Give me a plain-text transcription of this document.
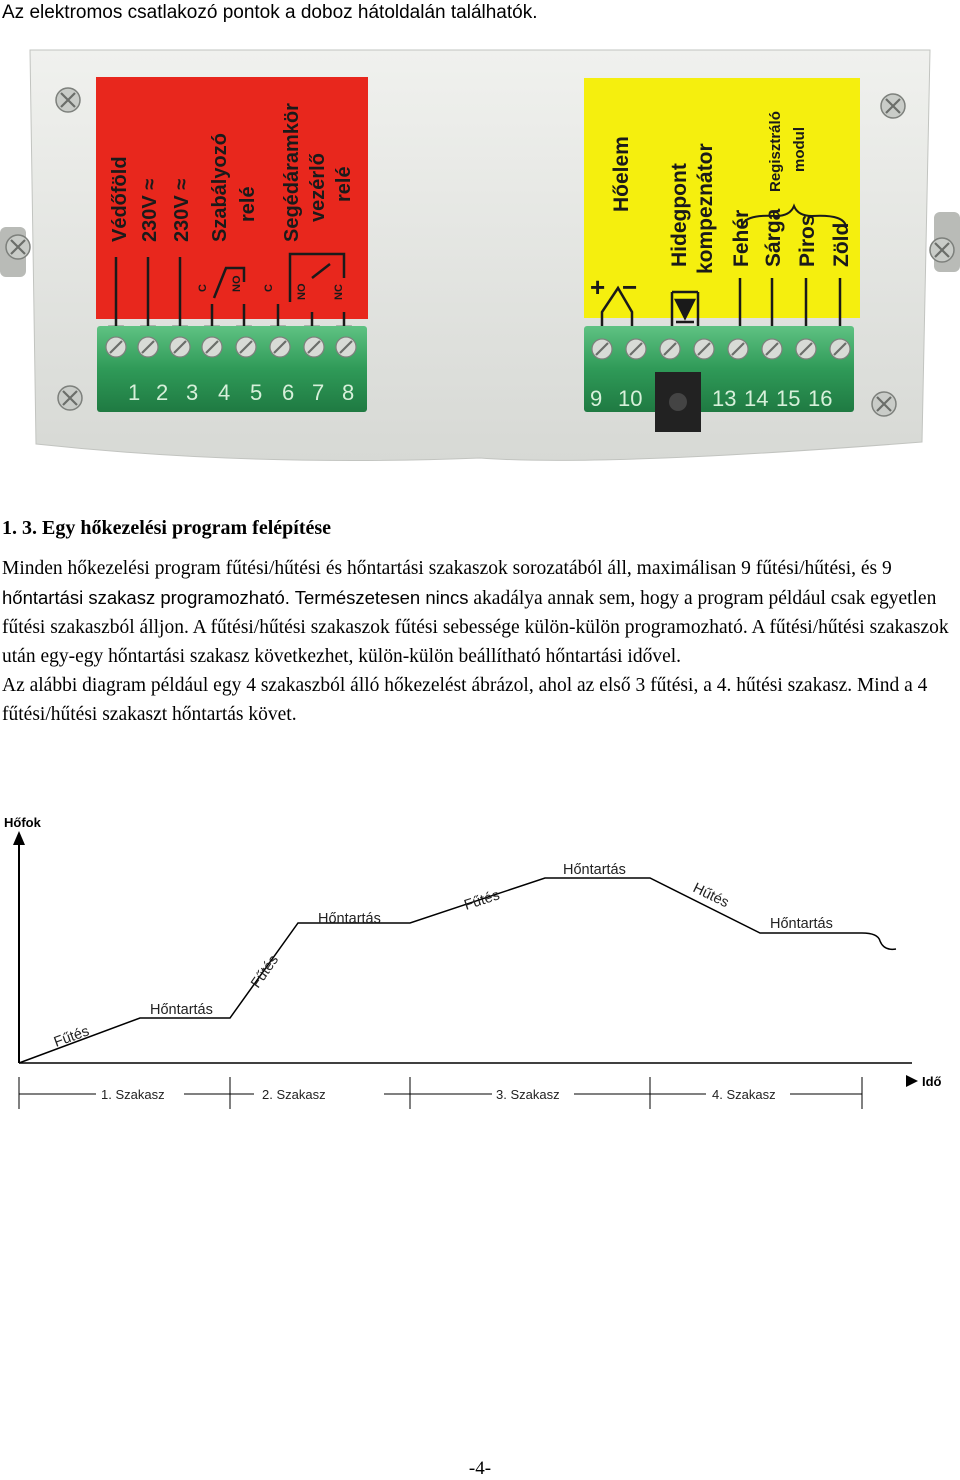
Az elektromos csatlakozó pontok a doboz hátoldalán találhatók.
Védőföld 230V ≈ 230V ≈ Szabályozó relé Segédáramkör vezérlő relé
C NO C NO NC
Hőelem Hidegpont kompeznátor Fehér Sárga Piros Zöld
Regisztráló modul
+ −
1 2 3 4 5 6 7 8	9 10	13 14 15 16
1. 3. Egy hőkezelési program felépítése

Minden hőkezelési program fűtési/hűtési és hőntartási szakaszok sorozatából áll, maximálisan 9 fűtési/hűtési, és 9 hőntartási szakasz programozható. Természetesen nincs akadálya annak sem, hogy a program például csak egyetlen fűtési szakaszból álljon. A fűtési/hűtési szakaszok fűtési sebessége külön-külön programozható. A fűtési/hűtési szakaszok után egy-egy hőntartási szakasz következhet, külön-külön beállítható hőntartási idővel.

Az alábbi diagram például egy 4 szakaszból álló hőkezelést ábrázol, ahol az első 3 fűtési, a 4. hűtési szakasz. Mind a 4 fűtési/hűtési szakaszt hőntartás követ.

Hőfok
Idő
Fűtés
Hőntartás
Fűtés
Hőntartás
Fűtés
Hőntartás
Hűtés
Hőntartás
1. Szakasz	2. Szakasz	3. Szakasz	4. Szakasz
-4-
